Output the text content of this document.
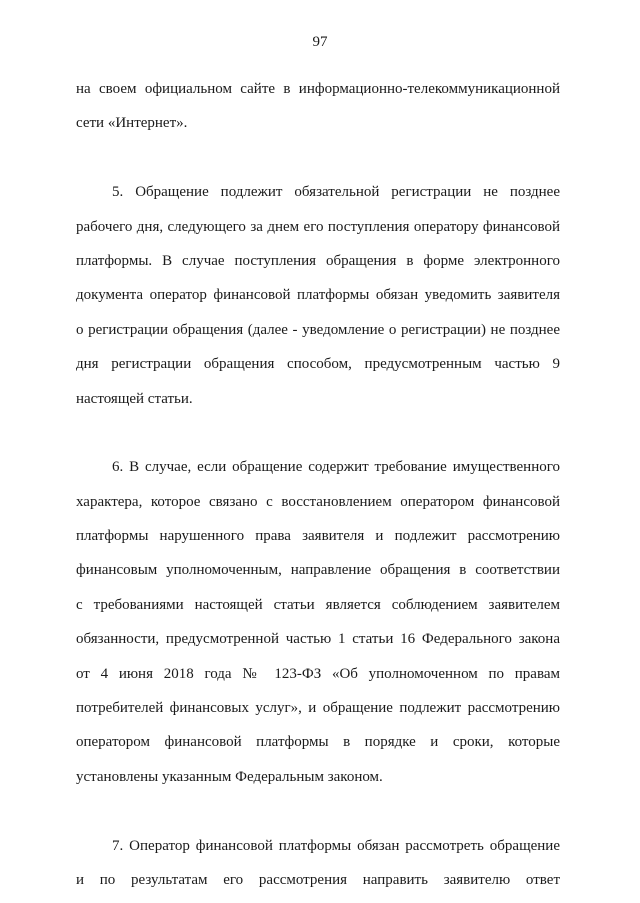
97
на своем официальном сайте в информационно-телекоммуникационной
сети «Интернет».
5. Обращение подлежит обязательной регистрации не позднее
рабочего дня, следующего за днем его поступления оператору финансовой
платформы. В случае поступления обращения в форме электронного
документа оператор финансовой платформы обязан уведомить заявителя
о регистрации обращения (далее - уведомление о регистрации) не позднее
дня регистрации обращения способом, предусмотренным частью 9
настоящей статьи.
6. В случае, если обращение содержит требование имущественного
характера, которое связано с восстановлением оператором финансовой
платформы нарушенного права заявителя и подлежит рассмотрению
финансовым уполномоченным, направление обращения в соответствии
с требованиями настоящей статьи является соблюдением заявителем
обязанности, предусмотренной частью 1 статьи 16 Федерального закона
от 4 июня 2018 года № 123-ФЗ «Об уполномоченном по правам
потребителей финансовых услуг», и обращение подлежит рассмотрению
оператором финансовой платформы в порядке и сроки, которые
установлены указанным Федеральным законом.
7. Оператор финансовой платформы обязан рассмотреть обращение
и по результатам его рассмотрения направить заявителю ответ
